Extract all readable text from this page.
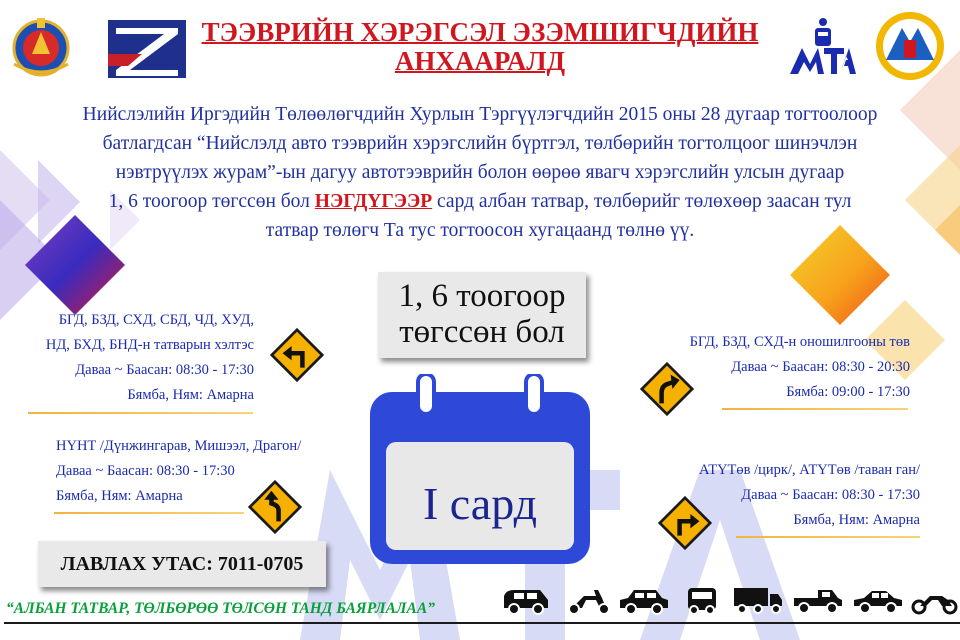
ТЭЭВРИЙН ХЭРЭГСЭЛ ЭЗЭМШИГЧДИЙН
АНХААРАЛД
Нийслэлийн Иргэдийн Төлөөлөгчдийн Хурлын Тэргүүлэгчдийн 2015 оны 28 дугаар тогтоолоор
батлагдсан “Нийслэлд авто тээврийн хэрэгслийн бүртгэл, төлбөрийн тогтолцоог шинэчлэн
нэвтрүүлэх журам”-ын дагуу автотээврийн болон өөрөө явагч хэрэгслийн улсын дугаар
1, 6 тоогоор төгссөн бол НЭГДҮГЭЭР сард албан татвар, төлбөрийг төлөхөөр заасан тул
татвар төлөгч Та тус тогтоосон хугацаанд төлнө үү.
1, 6 тоогоор
төгссөн бол
I сард
БГД, БЗД, СХД, СБД, ЧД, ХУД,
НД, БХД, БНД-н татварын хэлтэс
Даваа ~ Баасан: 08:30 - 17:30
Бямба, Ням: Амарна
НҮНТ /Дүнжингарав, Мишээл, Драгон/
Даваа ~ Баасан: 08:30 - 17:30
Бямба, Ням: Амарна
БГД, БЗД, СХД-н оношилгооны төв
Даваа ~ Баасан: 08:30 - 20:30
Бямба: 09:00 - 17:30
АТҮТөв /цирк/, АТҮТөв /таван ган/
Даваа ~ Баасан: 08:30 - 17:30
Бямба, Ням: Амарна
ЛАВЛАХ УТАС: 7011-0705
“АЛБАН ТАТВАР, ТӨЛБӨРӨӨ ТӨЛСӨН ТАНД БАЯРЛАЛАА”
